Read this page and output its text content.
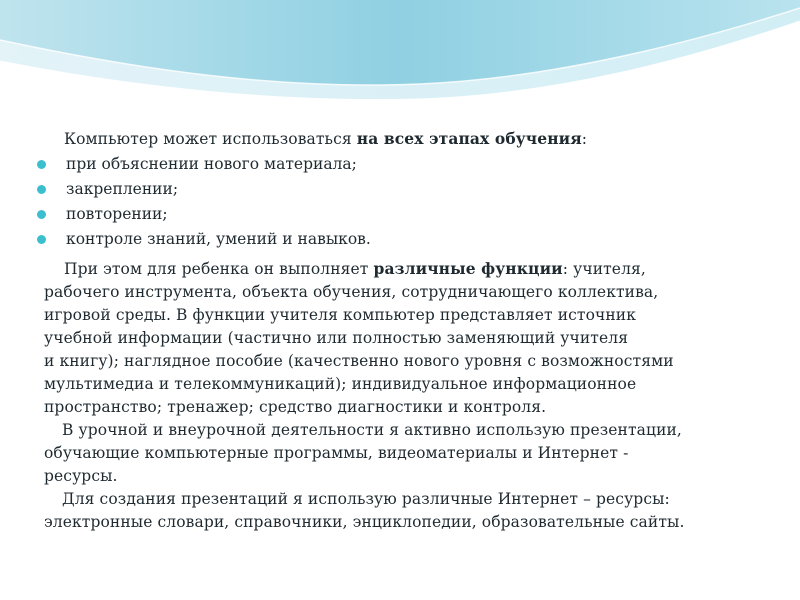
Компьютер может использоваться на всех этапах обучения:
при объяснении нового материала;
закреплении;
повторении;
контроле знаний, умений и навыков.
При этом для ребенка он выполняет различные функции: учителя,
рабочего инструмента, объекта обучения, сотрудничающего коллектива,
игровой среды. В функции учителя компьютер представляет источник
учебной информации (частично или полностью заменяющий учителя
и книгу); наглядное пособие (качественно нового уровня с возможностями
мультимедиа и телекоммуникаций); индивидуальное информационное
пространство; тренажер; средство диагностики и контроля.
В урочной и внеурочной деятельности я активно использую презентации,
обучающие компьютерные программы, видеоматериалы и Интернет -
ресурсы.
Для создания презентаций я использую различные Интернет – ресурсы:
электронные словари, справочники, энциклопедии, образовательные сайты.
